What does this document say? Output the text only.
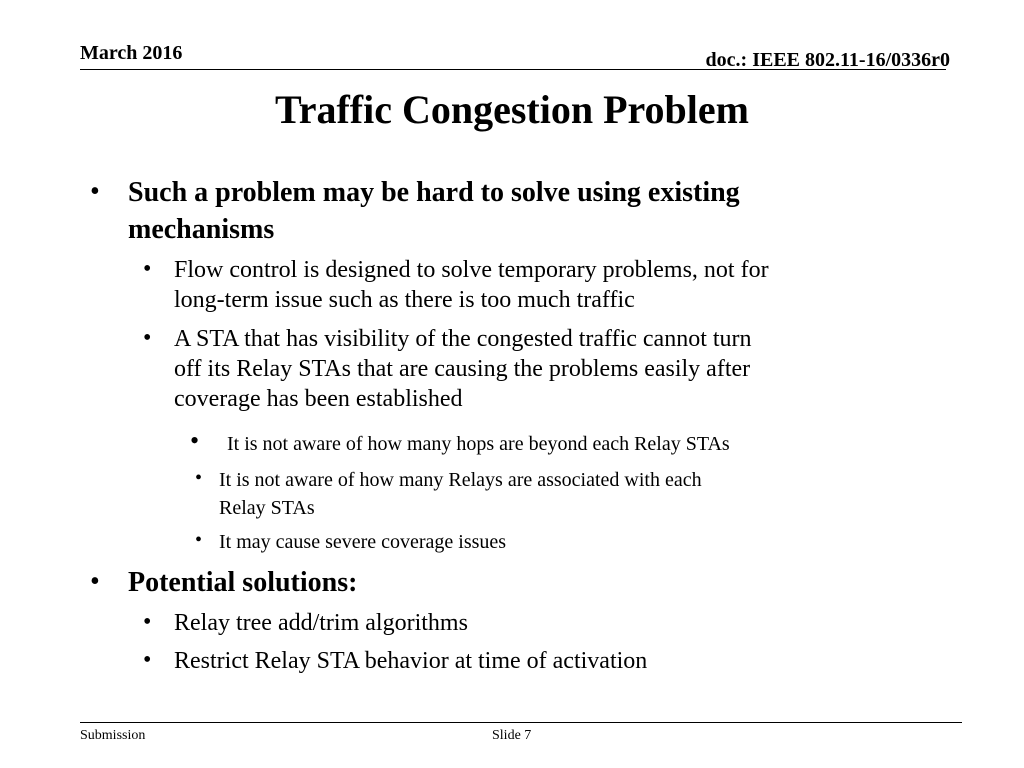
March 2016	doc.: IEEE 802.11-16/0336r0
Traffic Congestion Problem
• Such a problem may be hard to solve using existing
mechanisms
• Flow control is designed to solve temporary problems, not for
long-term issue such as there is too much traffic
• A STA that has visibility of the congested traffic cannot turn
off its Relay STAs that are causing the problems easily after
coverage has been established
• It is not aware of how many hops are beyond each Relay STAs
• It is not aware of how many Relays are associated with each
Relay STAs
• It may cause severe coverage issues
• Potential solutions:
• Relay tree add/trim algorithms
• Restrict Relay STA behavior at time of activation
Submission	Slide 7
